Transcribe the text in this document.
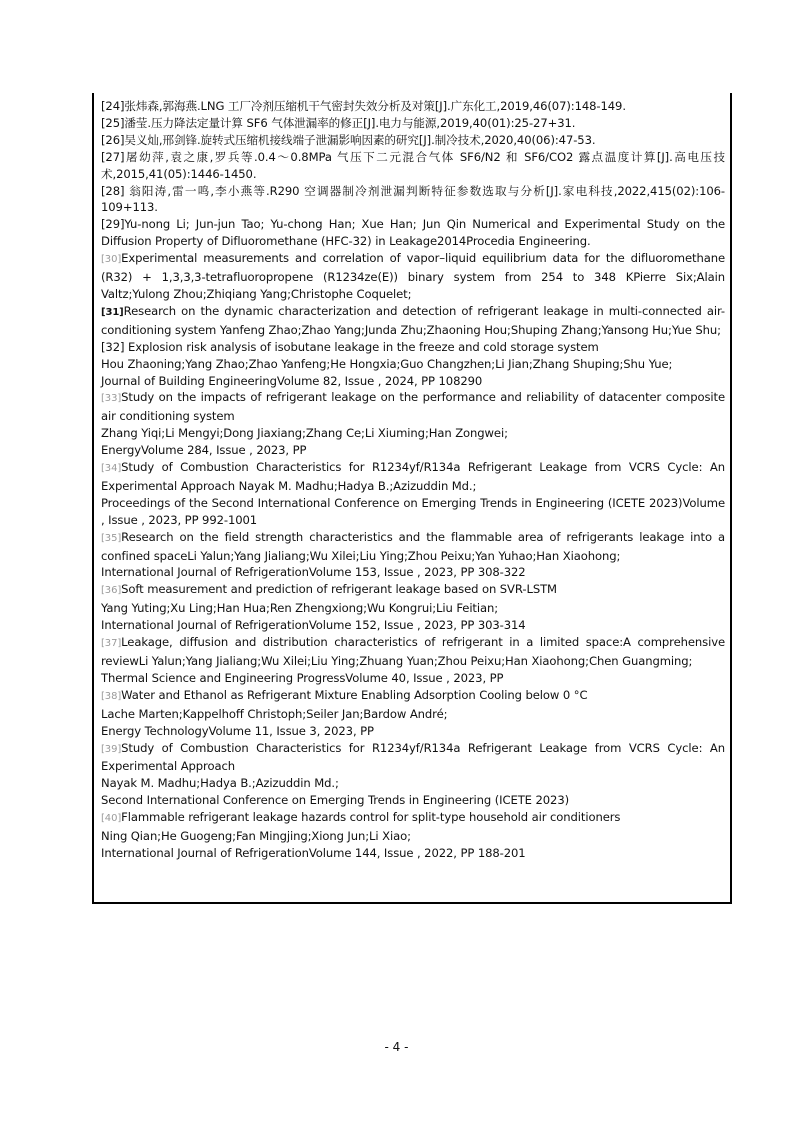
[24]张炜森,郭海燕.LNG 工厂冷剂压缩机干气密封失效分析及对策[J].广东化工,2019,46(07):148-149.
[25]潘莹.压力降法定量计算 SF6 气体泄漏率的修正[J].电力与能源,2019,40(01):25-27+31.
[26]吴义灿,邢剑锋.旋转式压缩机接线端子泄漏影响因素的研究[J].制冷技术,2020,40(06):47-53.
[27]屠幼萍,袁之康,罗兵等.0.4～0.8MPa 气压下二元混合气体 SF6/N2 和 SF6/CO2 露点温度计算[J].高电压技术,2015,41(05):1446-1450.
[28] 翁阳涛,雷一鸣,李小燕等.R290 空调器制冷剂泄漏判断特征参数选取与分析[J].家电科技,2022,415(02):106-109+113.
[29]Yu-nong Li; Jun-jun Tao; Yu-chong Han; Xue Han; Jun Qin Numerical and Experimental Study on the Diffusion Property of Difluoromethane (HFC-32) in Leakage2014Procedia Engineering.
[30]Experimental measurements and correlation of vapor–liquid equilibrium data for the difluoromethane (R32) + 1,3,3,3-tetrafluoropropene (R1234ze(E)) binary system from 254 to 348 KPierre Six;Alain Valtz;Yulong Zhou;Zhiqiang Yang;Christophe Coquelet;
[31]Research on the dynamic characterization and detection of refrigerant leakage in multi-connected air-conditioning system Yanfeng Zhao;Zhao Yang;Junda Zhu;Zhaoning Hou;Shuping Zhang;Yansong Hu;Yue Shu;
[32] Explosion risk analysis of isobutane leakage in the freeze and cold storage system
Hou Zhaoning;Yang Zhao;Zhao Yanfeng;He Hongxia;Guo Changzhen;Li Jian;Zhang Shuping;Shu Yue;
Journal of Building EngineeringVolume 82, Issue , 2024, PP 108290
[33]Study on the impacts of refrigerant leakage on the performance and reliability of datacenter composite air conditioning system
Zhang Yiqi;Li Mengyi;Dong Jiaxiang;Zhang Ce;Li Xiuming;Han Zongwei;
EnergyVolume 284, Issue , 2023, PP
[34]Study of Combustion Characteristics for R1234yf/R134a Refrigerant Leakage from VCRS Cycle: An Experimental Approach Nayak M. Madhu;Hadya B.;Azizuddin Md.;
Proceedings of the Second International Conference on Emerging Trends in Engineering (ICETE 2023)Volume , Issue , 2023, PP 992-1001
[35]Research on the field strength characteristics and the flammable area of refrigerants leakage into a confined spaceLi Yalun;Yang Jialiang;Wu Xilei;Liu Ying;Zhou Peixu;Yan Yuhao;Han Xiaohong;
International Journal of RefrigerationVolume 153, Issue , 2023, PP 308-322
[36]Soft measurement and prediction of refrigerant leakage based on SVR-LSTM
Yang Yuting;Xu Ling;Han Hua;Ren Zhengxiong;Wu Kongrui;Liu Feitian;
International Journal of RefrigerationVolume 152, Issue , 2023, PP 303-314
[37]Leakage, diffusion and distribution characteristics of refrigerant in a limited space:A comprehensive reviewLi Yalun;Yang Jialiang;Wu Xilei;Liu Ying;Zhuang Yuan;Zhou Peixu;Han Xiaohong;Chen Guangming;
Thermal Science and Engineering ProgressVolume 40, Issue , 2023, PP
[38]Water and Ethanol as Refrigerant Mixture Enabling Adsorption Cooling below 0 °C
Lache Marten;Kappelhoff Christoph;Seiler Jan;Bardow André;
Energy TechnologyVolume 11, Issue 3, 2023, PP
[39]Study of Combustion Characteristics for R1234yf/R134a Refrigerant Leakage from VCRS Cycle: An Experimental Approach
Nayak M. Madhu;Hadya B.;Azizuddin Md.;
Second International Conference on Emerging Trends in Engineering (ICETE 2023)
[40]Flammable refrigerant leakage hazards control for split-type household air conditioners
Ning Qian;He Guogeng;Fan Mingjing;Xiong Jun;Li Xiao;
International Journal of RefrigerationVolume 144, Issue , 2022, PP 188-201
- 4 -
